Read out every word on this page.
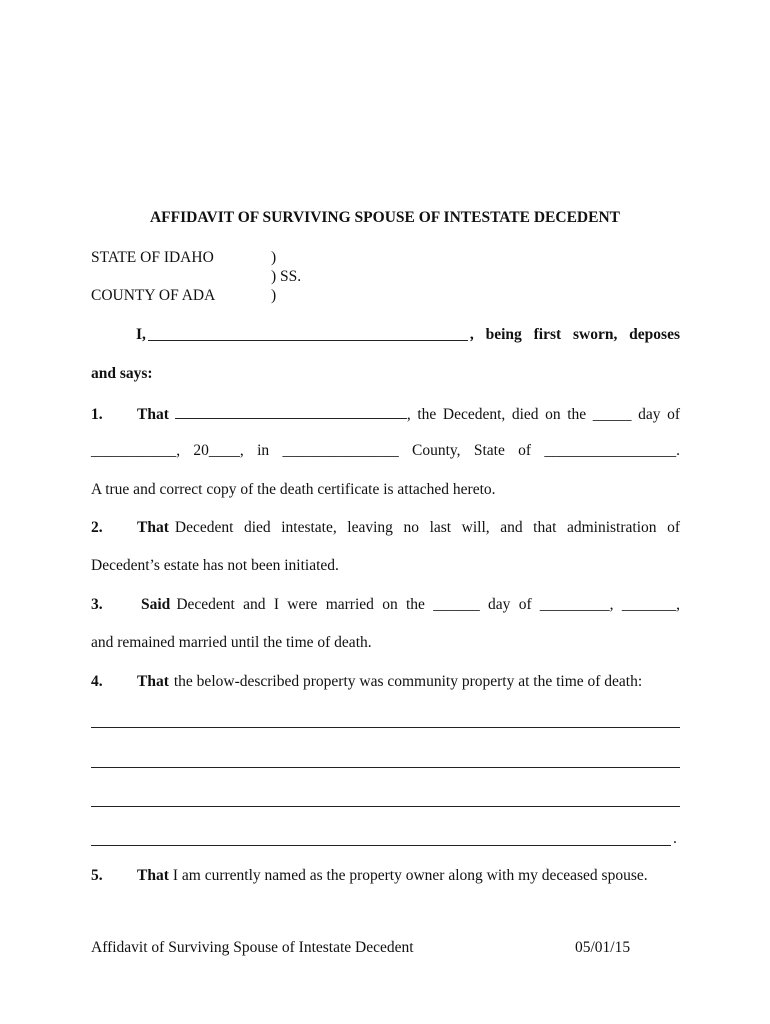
AFFIDAVIT OF SURVIVING SPOUSE OF INTESTATE DECEDENT
STATE OF IDAHO	)
) SS.
COUNTY OF ADA	)
I,	, being first sworn, deposes
and says:
1.	That	, the Decedent, died on the _____ day of
___________, 20____, in _______________ County, State of _________________.
A true and correct copy of the death certificate is attached hereto.
2.	That Decedent died intestate, leaving no last will, and that administration of
Decedent’s estate has not been initiated.
3.	Said Decedent and I were married on the ______ day of _________, _______,
and remained married until the time of death.
4.	That the below-described property was community property at the time of death:
.
5.	That I am currently named as the property owner along with my deceased spouse.
Affidavit of Surviving Spouse of Intestate Decedent	05/01/15
